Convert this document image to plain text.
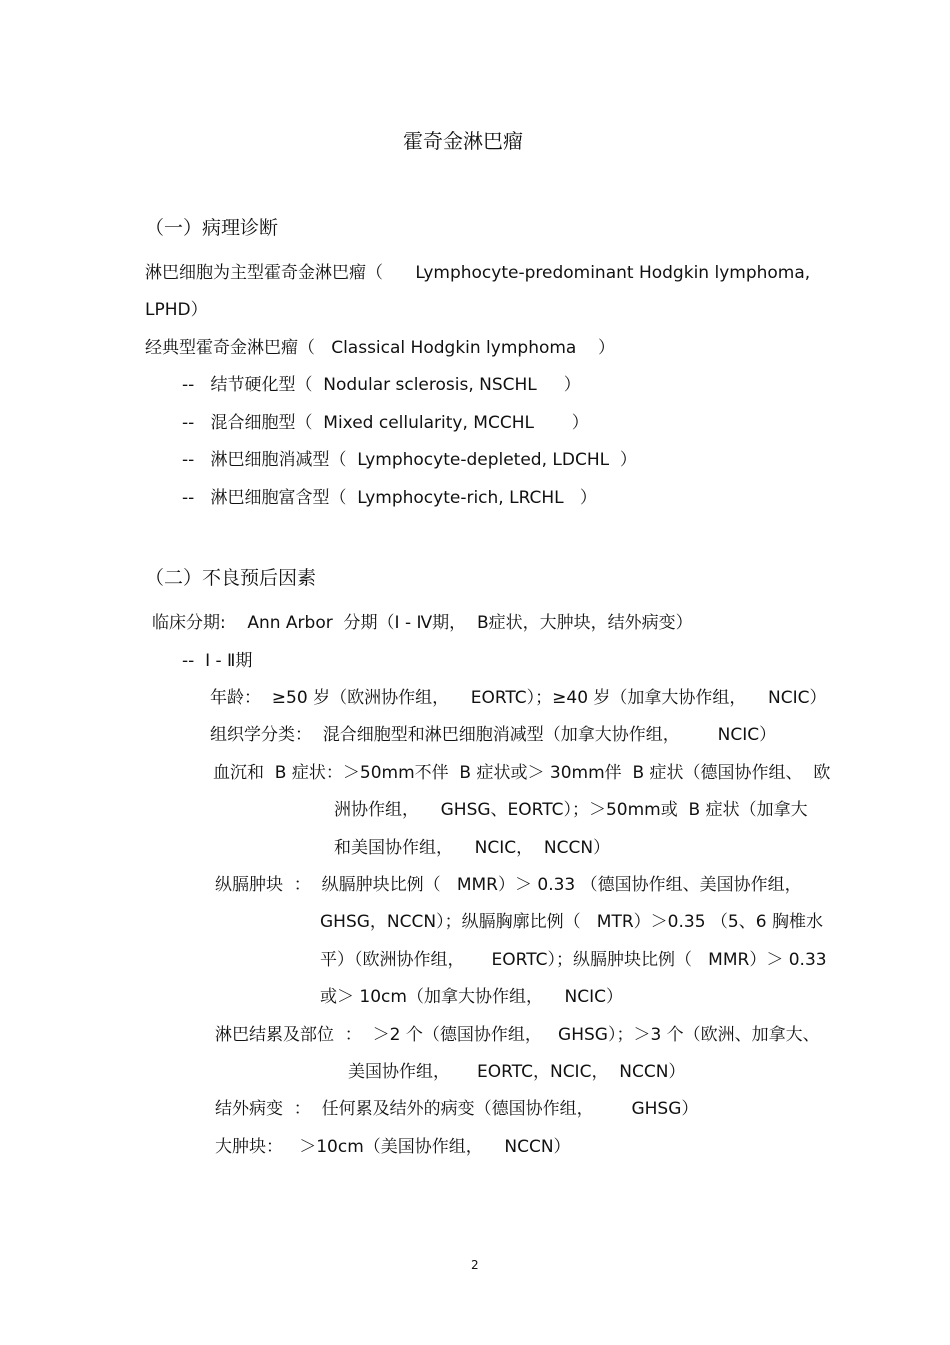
霍奇金淋巴瘤
（一）病理诊断
淋巴细胞为主型霍奇金淋巴瘤（      Lymphocyte-predominant Hodgkin lymphoma,
LPHD）
经典型霍奇金淋巴瘤（   Classical Hodgkin lymphoma    ）
--   结节硬化型（  Nodular sclerosis, NSCHL     ）
--   混合细胞型（  Mixed cellularity, MCCHL       ）
--   淋巴细胞消减型（  Lymphocyte-depleted, LDCHL  ）
--   淋巴细胞富含型（  Lymphocyte-rich, LRCHL   ）
（二）不良预后因素
临床分期:    Ann Arbor  分期（Ⅰ - Ⅳ期，  B症状，大肿块，结外病变）
--  Ⅰ - Ⅱ期
年龄：  ≥50 岁（欧洲协作组，    EORTC）；≥40 岁（加拿大协作组，    NCIC）
组织学分类：  混合细胞型和淋巴细胞消减型（加拿大协作组，       NCIC）
血沉和  B 症状：＞50mm不伴  B 症状或＞ 30mm伴  B 症状（德国协作组、  欧
洲协作组，    GHSG、EORTC）；＞50mm或  B 症状（加拿大
和美国协作组，    NCIC，  NCCN）
纵膈肿块  ：  纵膈肿块比例（   MMR）＞ 0.33 （德国协作组、美国协作组，
GHSG，NCCN）；纵膈胸廓比例（   MTR）＞0.35 （5、6 胸椎水
平）（欧洲协作组，     EORTC）；纵膈肿块比例（   MMR）＞ 0.33
或＞ 10cm（加拿大协作组，    NCIC）
淋巴结累及部位  ：  ＞2 个（德国协作组，   GHSG）；＞3 个（欧洲、加拿大、
美国协作组，     EORTC，NCIC，  NCCN）
结外病变  ：  任何累及结外的病变（德国协作组，       GHSG）
大肿块：   ＞10cm（美国协作组，    NCCN）
2
